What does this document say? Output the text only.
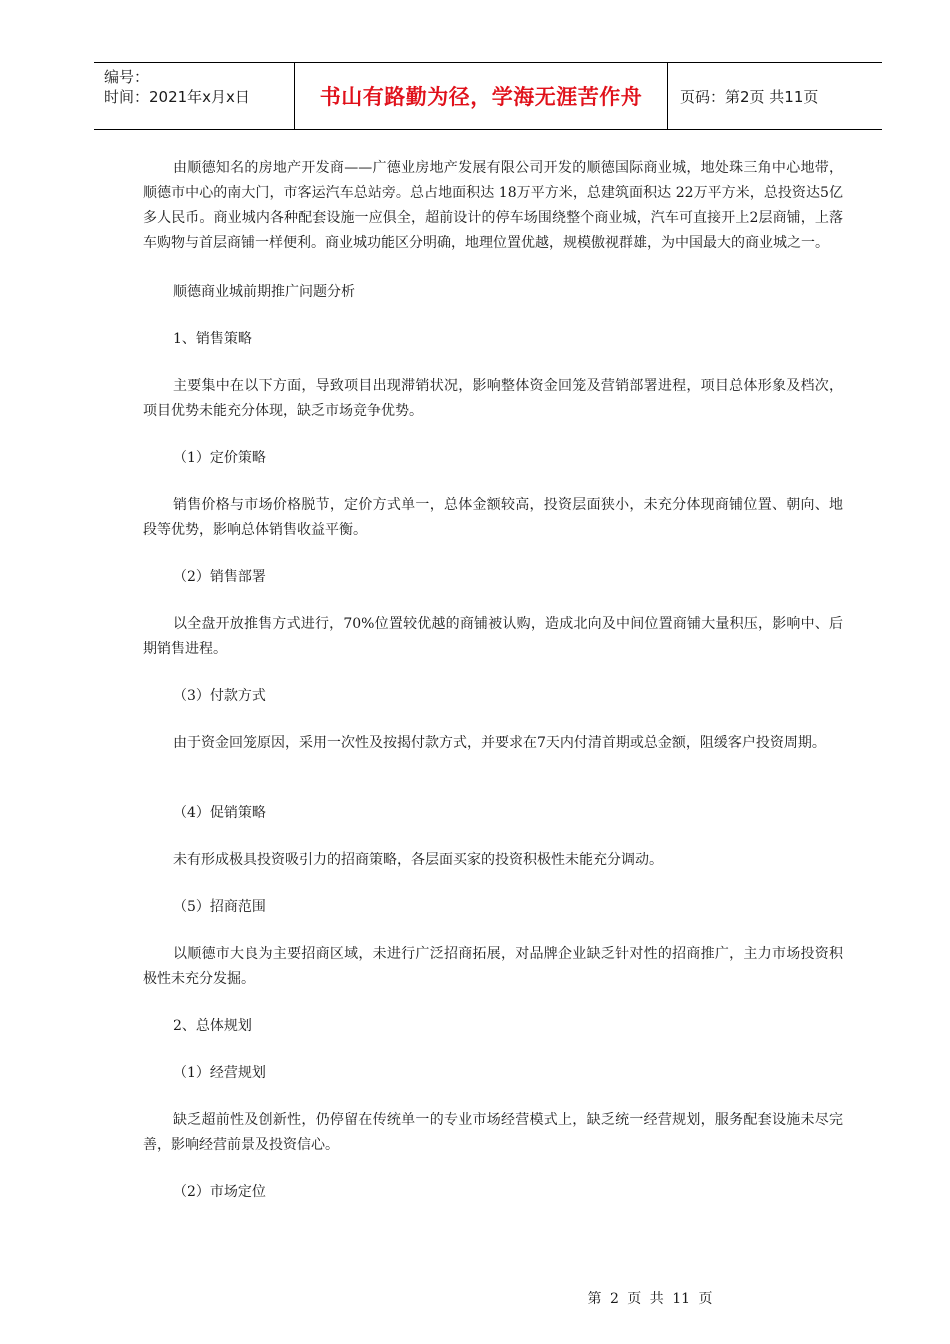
编号：
时间：2021年x月x日	书山有路勤为径，学海无涯苦作舟	页码：第2页 共11页

由顺德知名的房地产开发商——广德业房地产发展有限公司开发的顺德国际商业城，地处珠三角中心地带，顺德市中心的南大门，市客运汽车总站旁。总占地面积达 18万平方米，总建筑面积达 22万平方米，总投资达5亿多人民币。商业城内各种配套设施一应俱全，超前设计的停车场围绕整个商业城，汽车可直接开上2层商铺，上落车购物与首层商铺一样便利。商业城功能区分明确，地理位置优越，规模傲视群雄，为中国最大的商业城之一。

顺德商业城前期推广问题分析

1、销售策略

主要集中在以下方面，导致项目出现滞销状况，影响整体资金回笼及营销部署进程，项目总体形象及档次，项目优势未能充分体现，缺乏市场竞争优势。

（1）定价策略

销售价格与市场价格脱节，定价方式单一，总体金额较高，投资层面狭小，未充分体现商铺位置、朝向、地段等优势，影响总体销售收益平衡。

（2）销售部署

以全盘开放推售方式进行，70%位置较优越的商铺被认购，造成北向及中间位置商铺大量积压，影响中、后期销售进程。

（3）付款方式

由于资金回笼原因，采用一次性及按揭付款方式，并要求在7天内付清首期或总金额，阻缓客户投资周期。

（4）促销策略

未有形成极具投资吸引力的招商策略，各层面买家的投资积极性未能充分调动。

（5）招商范围

以顺德市大良为主要招商区域，未进行广泛招商拓展，对品牌企业缺乏针对性的招商推广，主力市场投资积极性未充分发掘。

2、总体规划

（1）经营规划

缺乏超前性及创新性，仍停留在传统单一的专业市场经营模式上，缺乏统一经营规划，服务配套设施未尽完善，影响经营前景及投资信心。

（2）市场定位

第 2 页 共 11 页
